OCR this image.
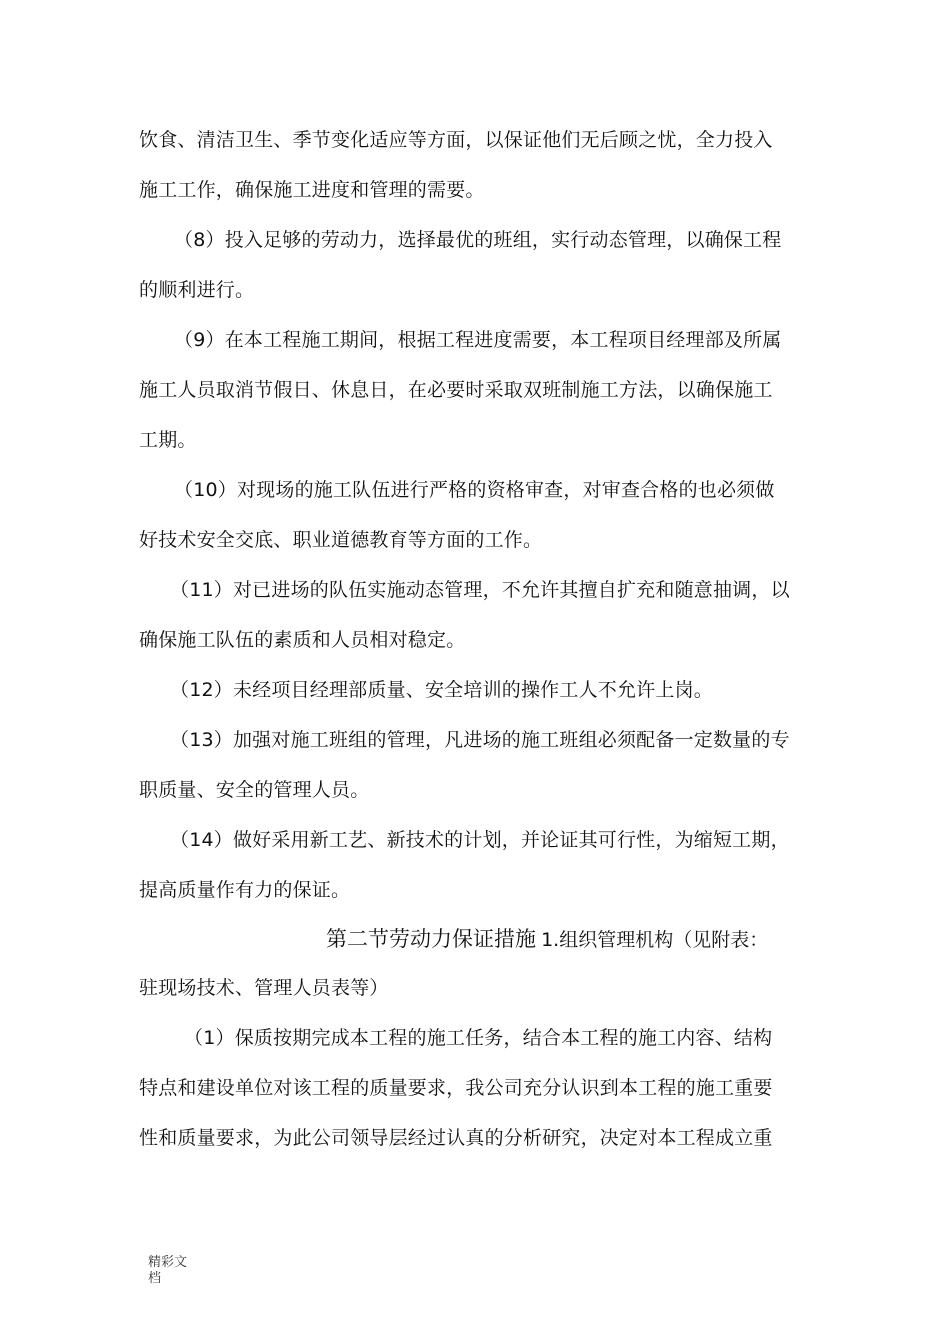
饮食、清洁卫生、季节变化适应等方面，以保证他们无后顾之忧，全力投入
施工工作，确保施工进度和管理的需要。
（8）投入足够的劳动力，选择最优的班组，实行动态管理，以确保工程
的顺利进行。
（9）在本工程施工期间，根据工程进度需要，本工程项目经理部及所属
施工人员取消节假日、休息日，在必要时采取双班制施工方法，以确保施工
工期。
（10）对现场的施工队伍进行严格的资格审查，对审查合格的也必须做
好技术安全交底、职业道德教育等方面的工作。
（11）对已进场的队伍实施动态管理，不允许其擅自扩充和随意抽调，以
确保施工队伍的素质和人员相对稳定。
（12）未经项目经理部质量、安全培训的操作工人不允许上岗。
（13）加强对施工班组的管理，凡进场的施工班组必须配备一定数量的专
职质量、安全的管理人员。
（14）做好采用新工艺、新技术的计划，并论证其可行性，为缩短工期，
提高质量作有力的保证。
第二节劳动力保证措施 1.组织管理机构（见附表：
驻现场技术、管理人员表等）
（1）保质按期完成本工程的施工任务，结合本工程的施工内容、结构
特点和建设单位对该工程的质量要求，我公司充分认识到本工程的施工重要
性和质量要求，为此公司领导层经过认真的分析研究，决定对本工程成立重
精彩文档
